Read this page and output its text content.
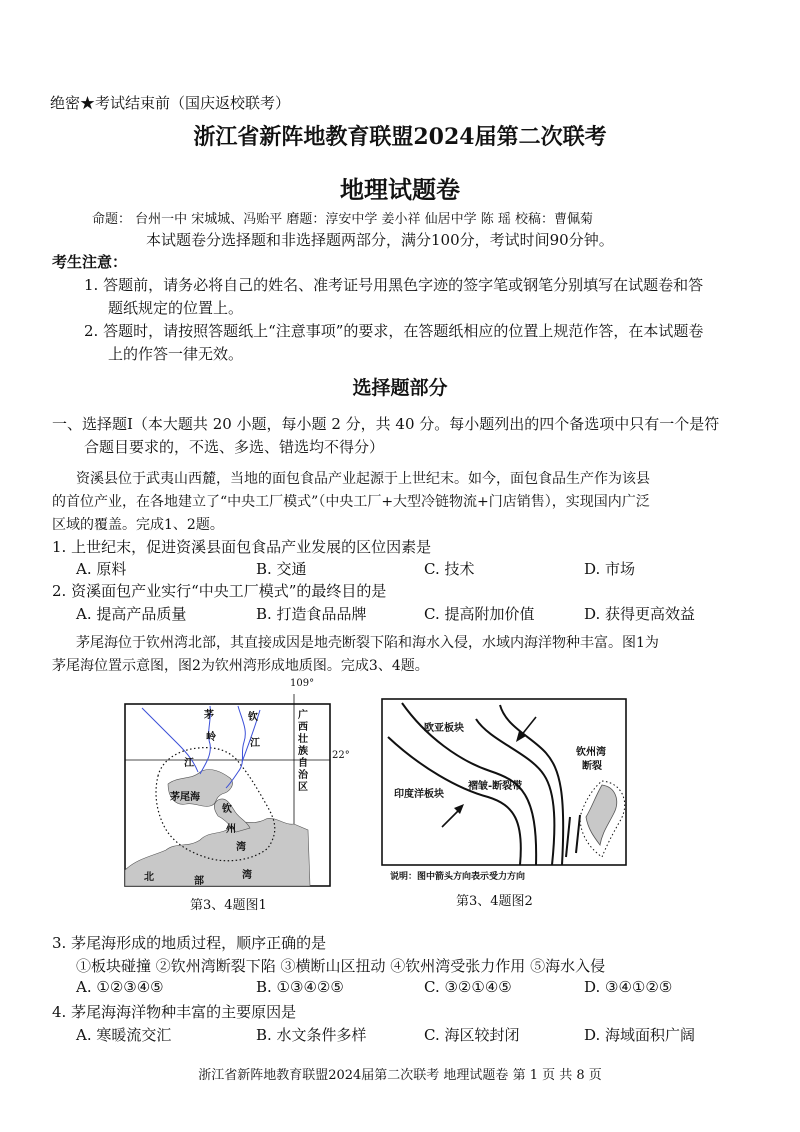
绝密★考试结束前（国庆返校联考）
浙江省新阵地教育联盟2024届第二次联考
地理试题卷
命题： 台州一中 宋城城、冯贻平 磨题：淳安中学 姜小祥 仙居中学 陈 瑶 校稿：曹佩菊
本试题卷分选择题和非选择题两部分，满分100分，考试时间90分钟。
考生注意：
1. 答题前，请务必将自己的姓名、准考证号用黑色字迹的签字笔或钢笔分别填写在试题卷和答
题纸规定的位置上。
2. 答题时，请按照答题纸上“注意事项”的要求，在答题纸相应的位置上规范作答，在本试题卷
上的作答一律无效。
选择题部分
一、选择题Ⅰ（本大题共 20 小题，每小题 2 分，共 40 分。每小题列出的四个备选项中只有一个是符
合题目要求的，不选、多选、错选均不得分）
资溪县位于武夷山西麓，当地的面包食品产业起源于上世纪末。如今，面包食品生产作为该县
的首位产业，在各地建立了“中央工厂模式”（中央工厂+大型冷链物流+门店销售），实现国内广泛
区域的覆盖。完成1、2题。
1. 上世纪末，促进资溪县面包食品产业发展的区位因素是
A. 原料	B. 交通	C. 技术	D. 市场
2. 资溪面包产业实行“中央工厂模式”的最终目的是
A. 提高产品质量	B. 打造食品品牌	C. 提高附加价值	D. 获得更高效益
茅尾海位于钦州湾北部，其直接成因是地壳断裂下陷和海水入侵，水域内海洋物种丰富。图1为
茅尾海位置示意图，图2为钦州湾形成地质图。完成3、4题。
109°
22°
广
西
壮
族
自
治
区
茅
岭
钦
江
江
茅尾海
钦
州
湾
北	部
湾
第3、4题图1
欧亚板块
印度洋板块
褶皱-断裂带
钦州湾
断裂
说明：图中箭头方向表示受力方向
第3、4题图2
3. 茅尾海形成的地质过程，顺序正确的是
①板块碰撞 ②钦州湾断裂下陷 ③横断山区扭动 ④钦州湾受张力作用 ⑤海水入侵
A. ①②③④⑤	B. ①③④②⑤	C. ③②①④⑤	D. ③④①②⑤
4. 茅尾海海洋物种丰富的主要原因是
A. 寒暖流交汇	B. 水文条件多样	C. 海区较封闭	D. 海域面积广阔
浙江省新阵地教育联盟2024届第二次联考 地理试题卷 第 1 页 共 8 页
